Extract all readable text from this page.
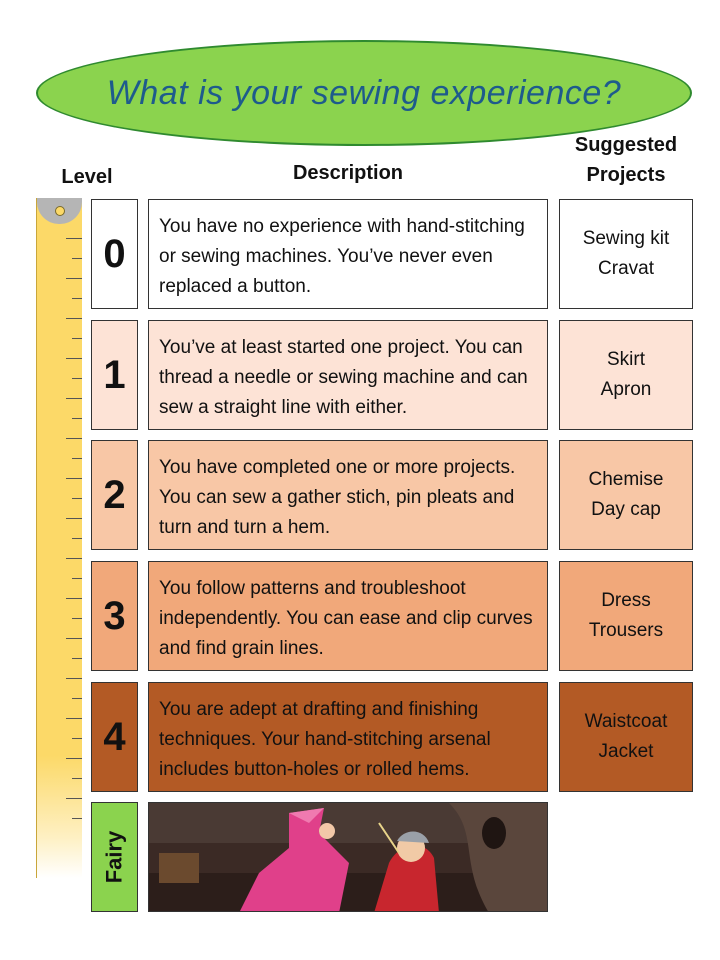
What is your sewing experience?
Level	Description
Suggested
Projects
0
You have no experience with hand-stitching or sewing machines. You’ve never even replaced a button.
Sewing kit
Cravat
1
You’ve at least started one project. You can thread a needle or sewing machine and can sew a straight line with either.
Skirt
Apron
2
You have completed one or more projects. You can sew a gather stich, pin pleats and turn and turn a hem.
Chemise
Day cap
3
You follow patterns and troubleshoot independently. You can ease and clip curves and find grain lines.
Dress
Trousers
4
You are adept at drafting and finishing techniques. Your hand-stitching arsenal includes button-holes or rolled hems.
Waistcoat
Jacket
Fairy
